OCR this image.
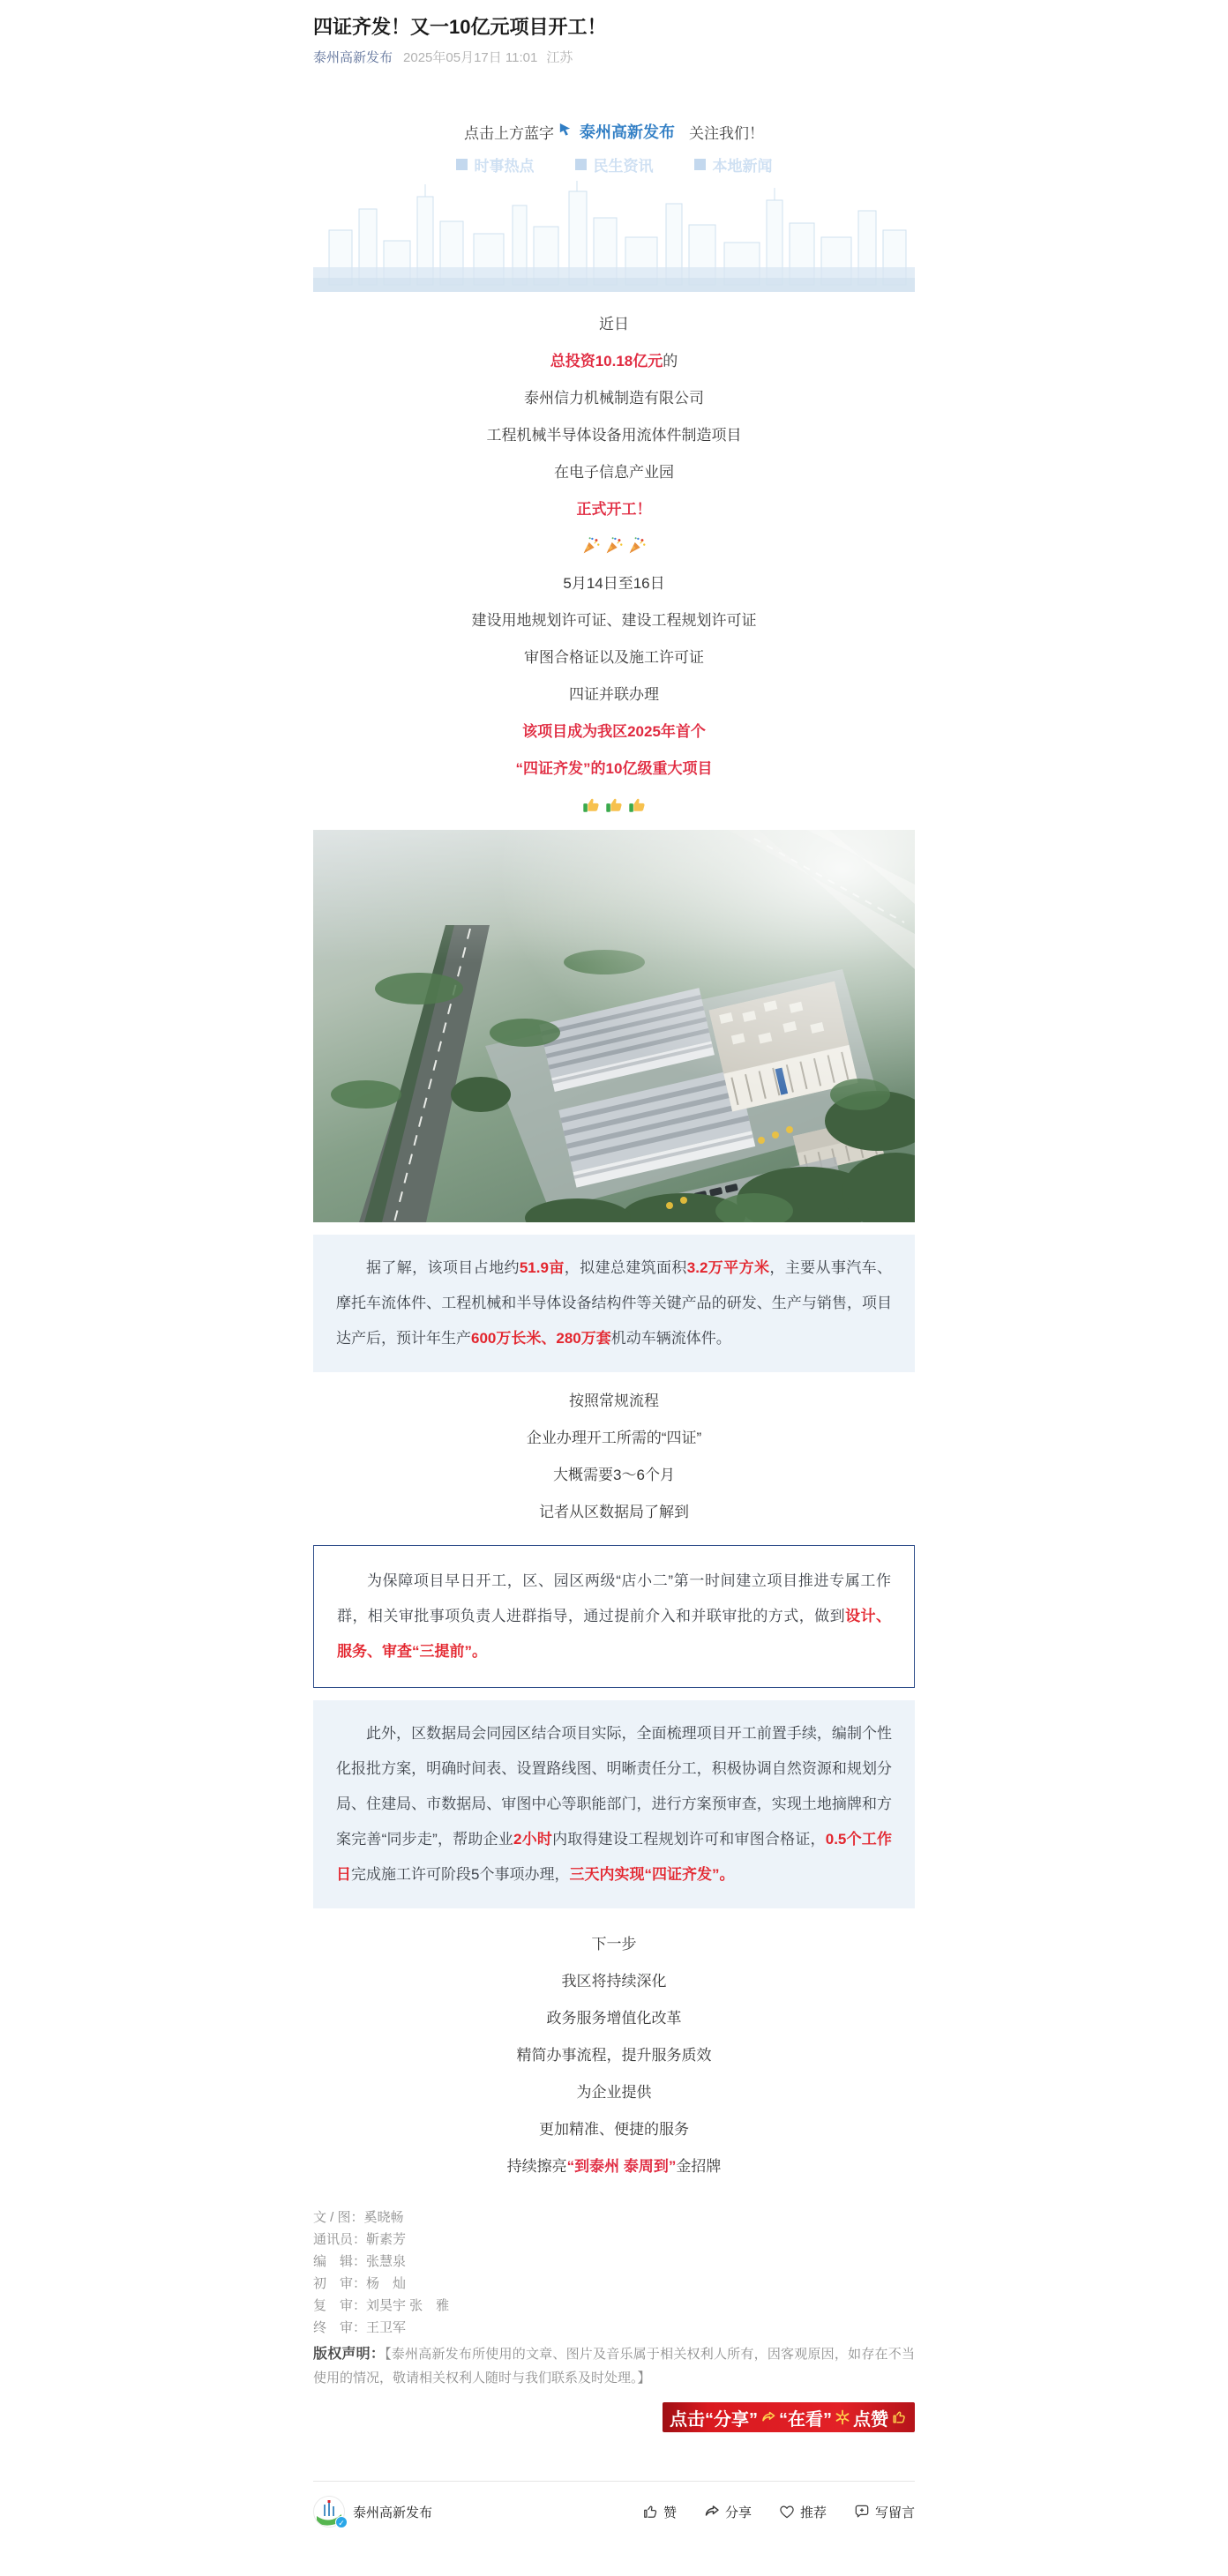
四证齐发！又一10亿元项目开工！
泰州高新发布 2025年05月17日 11:01 江苏
点击上方蓝字 泰州高新发布 关注我们！
时事热点	民生资讯	本地新闻
近日
总投资10.18亿元的
泰州信力机械制造有限公司
工程机械半导体设备用流体件制造项目
在电子信息产业园
正式开工！
5月14日至16日
建设用地规划许可证、建设工程规划许可证
审图合格证以及施工许可证
四证并联办理
该项目成为我区2025年首个
“四证齐发”的10亿级重大项目

据了解，该项目占地约51.9亩，拟建总建筑面积3.2万平方米，主要从事汽车、摩托车流体件、工程机械和半导体设备结构件等关键产品的研发、生产与销售，项目达产后，预计年生产600万长米、280万套机动车辆流体件。

按照常规流程
企业办理开工所需的“四证”
大概需要3～6个月
记者从区数据局了解到

为保障项目早日开工，区、园区两级“店小二”第一时间建立项目推进专属工作群，相关审批事项负责人进群指导，通过提前介入和并联审批的方式，做到设计、服务、审查“三提前”。

此外，区数据局会同园区结合项目实际，全面梳理项目开工前置手续，编制个性化报批方案，明确时间表、设置路线图、明晰责任分工，积极协调自然资源和规划分局、住建局、市数据局、审图中心等职能部门，进行方案预审查，实现土地摘牌和方案完善“同步走”，帮助企业2小时内取得建设工程规划许可和审图合格证，0.5个工作日完成施工许可阶段5个事项办理，三天内实现“四证齐发”。

下一步
我区将持续深化
政务服务增值化改革
精简办事流程，提升服务质效
为企业提供
更加精准、便捷的服务
持续擦亮“到泰州 泰周到”金招牌
文 / 图：奚晓畅
通讯员：靳素芳
编　辑：张慧泉
初　审：杨　灿
复　审：刘昊宇 张　雅
终　审：王卫军
版权声明：【泰州高新发布所使用的文章、图片及音乐属于相关权利人所有，因客观原因，如存在不当使用的情况，敬请相关权利人随时与我们联系及时处理。】
点击“分享” “在看” 点赞
✓
泰州高新发布	赞	分享	推荐	写留言
